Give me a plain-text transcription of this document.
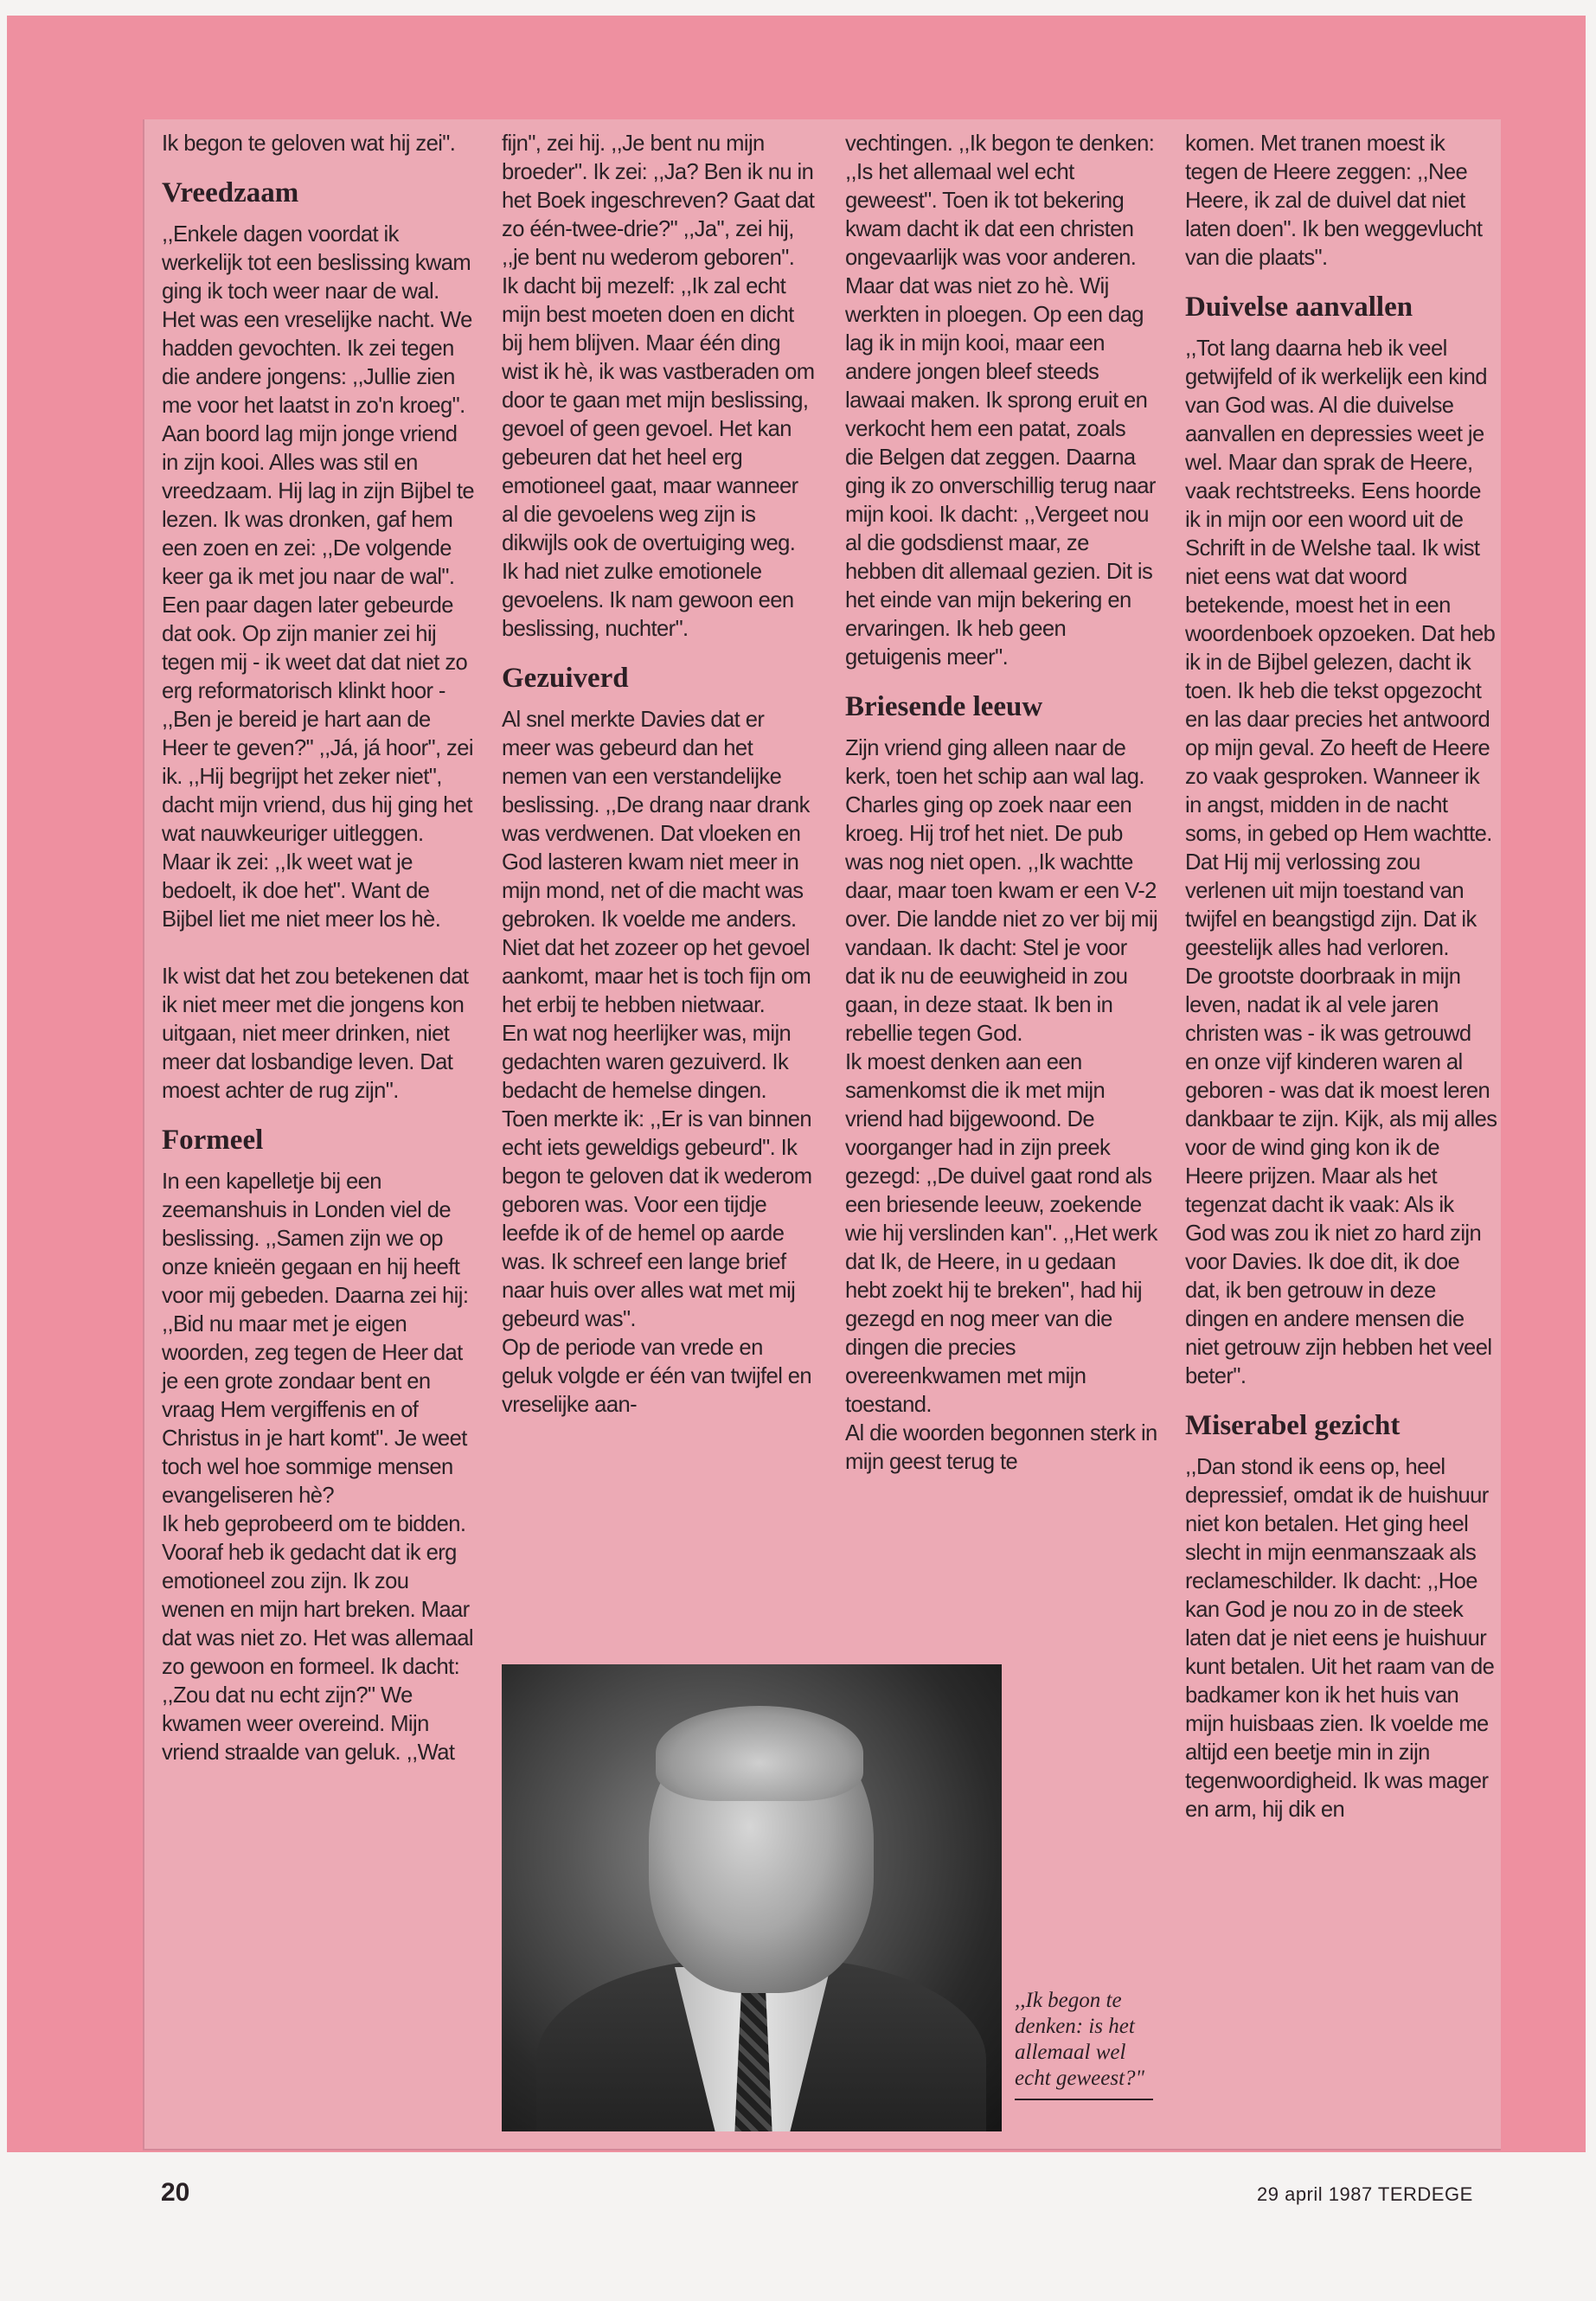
Ik begon te geloven wat hij zei".

Vreedzaam

,,Enkele dagen voordat ik werkelijk tot een beslissing kwam ging ik toch weer naar de wal. Het was een vreselijke nacht. We hadden gevochten. Ik zei tegen die andere jongens: ,,Jullie zien me voor het laatst in zo'n kroeg". Aan boord lag mijn jonge vriend in zijn kooi. Alles was stil en vreedzaam. Hij lag in zijn Bijbel te lezen. Ik was dronken, gaf hem een zoen en zei: ,,De volgende keer ga ik met jou naar de wal".

Een paar dagen later gebeurde dat ook. Op zijn manier zei hij tegen mij - ik weet dat dat niet zo erg reformatorisch klinkt hoor - ,,Ben je bereid je hart aan de Heer te geven?" ,,Já, já hoor", zei ik. ,,Hij begrijpt het zeker niet", dacht mijn vriend, dus hij ging het wat nauwkeuriger uitleggen. Maar ik zei: ,,Ik weet wat je bedoelt, ik doe het". Want de Bijbel liet me niet meer los hè.

Ik wist dat het zou betekenen dat ik niet meer met die jongens kon uitgaan, niet meer drinken, niet meer dat losbandige leven. Dat moest achter de rug zijn".

Formeel

In een kapelletje bij een zeemanshuis in Londen viel de beslissing. ,,Samen zijn we op onze knieën gegaan en hij heeft voor mij gebeden. Daarna zei hij: ,,Bid nu maar met je eigen woorden, zeg tegen de Heer dat je een grote zondaar bent en vraag Hem vergiffenis en of Christus in je hart komt". Je weet toch wel hoe sommige mensen evangeliseren hè?

Ik heb geprobeerd om te bidden. Vooraf heb ik gedacht dat ik erg emotioneel zou zijn. Ik zou wenen en mijn hart breken. Maar dat was niet zo. Het was allemaal zo gewoon en formeel. Ik dacht: ,,Zou dat nu echt zijn?" We kwamen weer overeind. Mijn vriend straalde van geluk. ,,Wat

fijn", zei hij. ,,Je bent nu mijn broeder". Ik zei: ,,Ja? Ben ik nu in het Boek ingeschreven? Gaat dat zo één-twee-drie?" ,,Ja", zei hij, ,,je bent nu wederom geboren".

Ik dacht bij mezelf: ,,Ik zal echt mijn best moeten doen en dicht bij hem blijven. Maar één ding wist ik hè, ik was vastberaden om door te gaan met mijn beslissing, gevoel of geen gevoel. Het kan gebeuren dat het heel erg emotioneel gaat, maar wanneer al die gevoelens weg zijn is dikwijls ook de overtuiging weg. Ik had niet zulke emotionele gevoelens. Ik nam gewoon een beslissing, nuchter".

Gezuiverd

Al snel merkte Davies dat er meer was gebeurd dan het nemen van een verstandelijke beslissing. ,,De drang naar drank was verdwenen. Dat vloeken en God lasteren kwam niet meer in mijn mond, net of die macht was gebroken. Ik voelde me anders. Niet dat het zozeer op het gevoel aankomt, maar het is toch fijn om het erbij te hebben nietwaar.

En wat nog heerlijker was, mijn gedachten waren gezuiverd. Ik bedacht de hemelse dingen. Toen merkte ik: ,,Er is van binnen echt iets geweldigs gebeurd". Ik begon te geloven dat ik wederom geboren was. Voor een tijdje leefde ik of de hemel op aarde was. Ik schreef een lange brief naar huis over alles wat met mij gebeurd was".

Op de periode van vrede en geluk volgde er één van twijfel en vreselijke aan-

vechtingen. ,,Ik begon te denken: ,,Is het allemaal wel echt geweest". Toen ik tot bekering kwam dacht ik dat een christen ongevaarlijk was voor anderen. Maar dat was niet zo hè. Wij werkten in ploegen. Op een dag lag ik in mijn kooi, maar een andere jongen bleef steeds lawaai maken. Ik sprong eruit en verkocht hem een patat, zoals die Belgen dat zeggen. Daarna ging ik zo onverschillig terug naar mijn kooi. Ik dacht: ,,Vergeet nou al die godsdienst maar, ze hebben dit allemaal gezien. Dit is het einde van mijn bekering en ervaringen. Ik heb geen getuigenis meer".

Briesende leeuw

Zijn vriend ging alleen naar de kerk, toen het schip aan wal lag. Charles ging op zoek naar een kroeg. Hij trof het niet. De pub was nog niet open. ,,Ik wachtte daar, maar toen kwam er een V-2 over. Die landde niet zo ver bij mij vandaan. Ik dacht: Stel je voor dat ik nu de eeuwigheid in zou gaan, in deze staat. Ik ben in rebellie tegen God.

Ik moest denken aan een samenkomst die ik met mijn vriend had bijgewoond. De voorganger had in zijn preek gezegd: ,,De duivel gaat rond als een briesende leeuw, zoekende wie hij verslinden kan". ,,Het werk dat Ik, de Heere, in u gedaan hebt zoekt hij te breken", had hij gezegd en nog meer van die dingen die precies overeenkwamen met mijn toestand.

Al die woorden begonnen sterk in mijn geest terug te

komen. Met tranen moest ik tegen de Heere zeggen: ,,Nee Heere, ik zal de duivel dat niet laten doen". Ik ben weggevlucht van die plaats".

Duivelse aanvallen

,,Tot lang daarna heb ik veel getwijfeld of ik werkelijk een kind van God was. Al die duivelse aanvallen en depressies weet je wel. Maar dan sprak de Heere, vaak rechtstreeks. Eens hoorde ik in mijn oor een woord uit de Schrift in de Welshe taal. Ik wist niet eens wat dat woord betekende, moest het in een woordenboek opzoeken. Dat heb ik in de Bijbel gelezen, dacht ik toen. Ik heb die tekst opgezocht en las daar precies het antwoord op mijn geval. Zo heeft de Heere zo vaak gesproken. Wanneer ik in angst, midden in de nacht soms, in gebed op Hem wachtte. Dat Hij mij verlossing zou verlenen uit mijn toestand van twijfel en beangstigd zijn. Dat ik geestelijk alles had verloren.

De grootste doorbraak in mijn leven, nadat ik al vele jaren christen was - ik was getrouwd en onze vijf kinderen waren al geboren - was dat ik moest leren dankbaar te zijn. Kijk, als mij alles voor de wind ging kon ik de Heere prijzen. Maar als het tegenzat dacht ik vaak: Als ik God was zou ik niet zo hard zijn voor Davies. Ik doe dit, ik doe dat, ik ben getrouw in deze dingen en andere mensen die niet getrouw zijn hebben het veel beter".

Miserabel gezicht

,,Dan stond ik eens op, heel depressief, omdat ik de huishuur niet kon betalen. Het ging heel slecht in mijn eenmanszaak als reclameschilder. Ik dacht: ,,Hoe kan God je nou zo in de steek laten dat je niet eens je huishuur kunt betalen. Uit het raam van de badkamer kon ik het huis van mijn huisbaas zien. Ik voelde me altijd een beetje min in zijn tegenwoordigheid. Ik was mager en arm, hij dik en

,,Ik begon te denken: is het allemaal wel echt geweest?"
20	29 april 1987 TERDEGE
